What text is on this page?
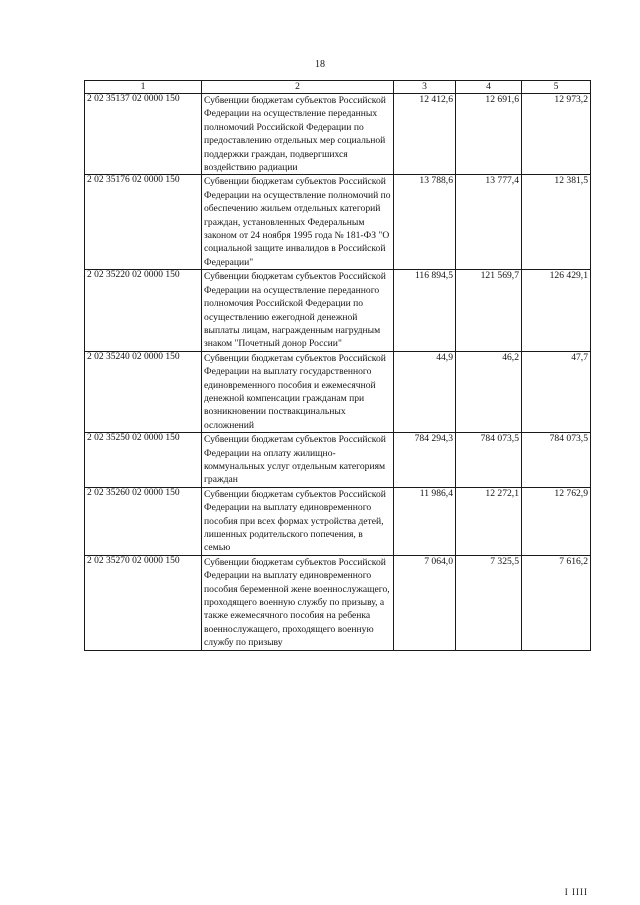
18
1	2	3	4	5
2 02 35137 02 0000 150	Субвенции бюджетам субъектов Российской Федерации на осуществление переданных полномочий Российской Федерации по предоставлению отдельных мер социальной поддержки граждан, подвергшихся воздействию радиации	12 412,6	12 691,6	12 973,2
2 02 35176 02 0000 150	Субвенции бюджетам субъектов Российской Федерации на осуществление полномочий по обеспечению жильем отдельных категорий граждан, установленных Федеральным законом от 24 ноября 1995 года № 181-ФЗ "О социальной защите инвалидов в Российской Федерации"	13 788,6	13 777,4	12 381,5
2 02 35220 02 0000 150	Субвенции бюджетам субъектов Российской Федерации на осуществление переданного полномочия Российской Федерации по осуществлению ежегодной денежной выплаты лицам, награжденным нагрудным знаком "Почетный донор России"	116 894,5	121 569,7	126 429,1
2 02 35240 02 0000 150	Субвенции бюджетам субъектов Российской Федерации на выплату государственного единовременного пособия и ежемесячной денежной компенсации гражданам при возникновении поствакцинальных осложнений	44,9	46,2	47,7
2 02 35250 02 0000 150	Субвенции бюджетам субъектов Российской Федерации на оплату жилищно-коммунальных услуг отдельным категориям граждан	784 294,3	784 073,5	784 073,5
2 02 35260 02 0000 150	Субвенции бюджетам субъектов Российской Федерации на выплату единовременного пособия при всех формах устройства детей, лишенных родительского попечения, в семью	11 986,4	12 272,1	12 762,9
2 02 35270 02 0000 150	Субвенции бюджетам субъектов Российской Федерации на выплату единовременного пособия беременной жене военнослужащего, проходящего военную службу по призыву, а также ежемесячного пособия на ребенка военнослужащего, проходящего военную службу по призыву	7 064,0	7 325,5	7 616,2
I IIII
